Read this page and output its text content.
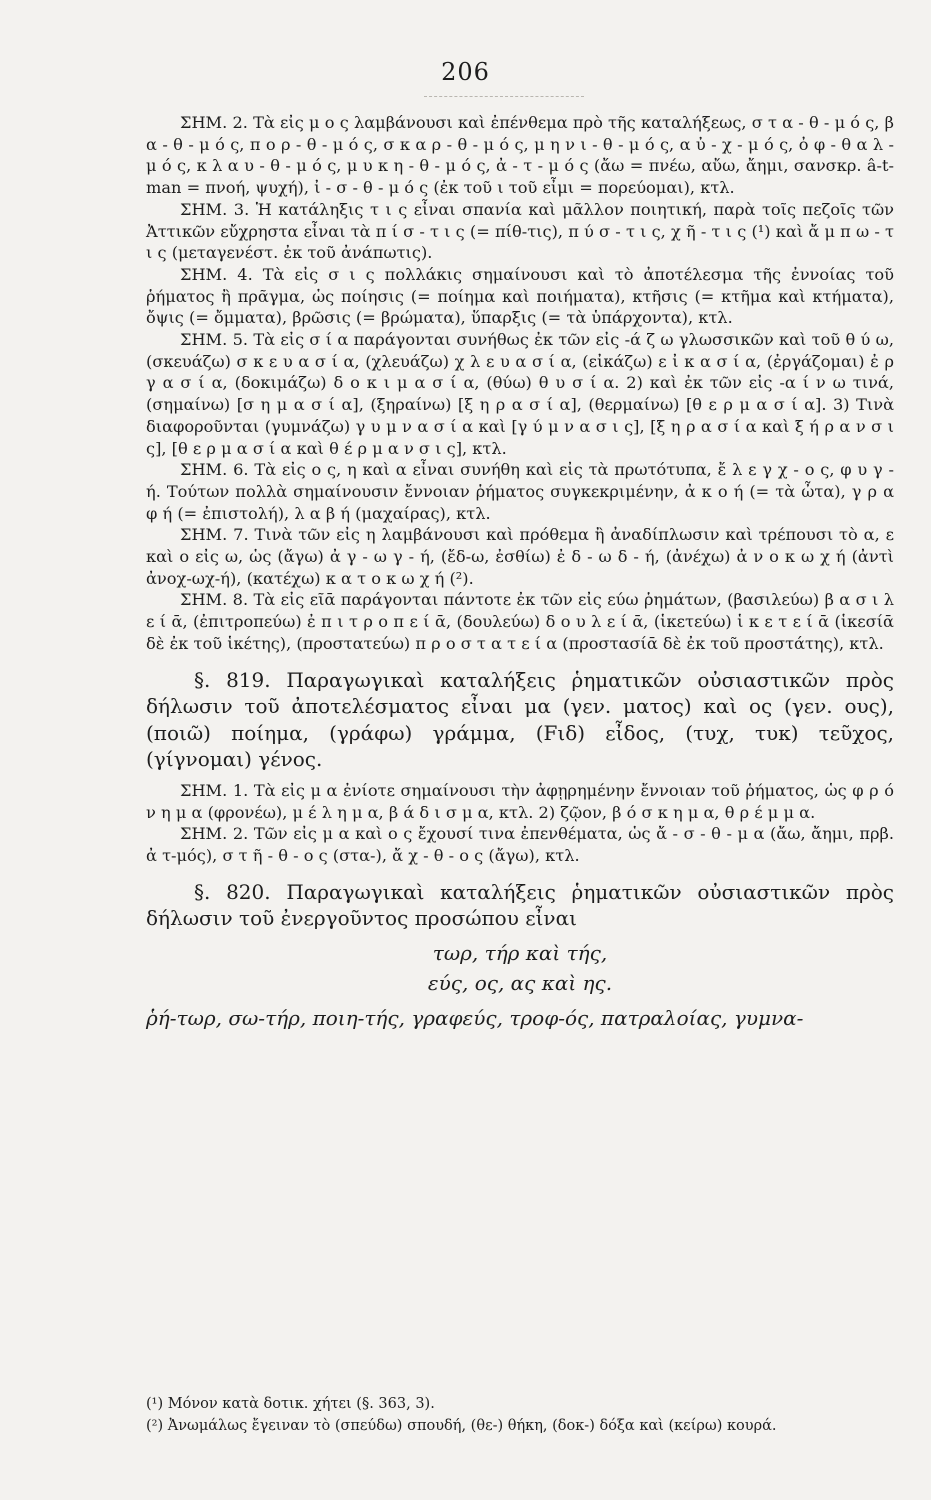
206

ΣΗΜ. 2. Τὰ εἰς μ ο ς λαμβάνουσι καὶ ἐπένθεμα πρὸ τῆς καταλήξεως, σ τ α - θ - μ ό ς, β α - θ - μ ό ς, π ο ρ - θ - μ ό ς, σ κ α ρ - θ - μ ό ς, μ η ν ι - θ - μ ό ς, α ὐ - χ - μ ό ς, ὀ φ - θ α λ - μ ό ς, κ λ α υ - θ - μ ό ς, μ υ κ η - θ - μ ό ς, ἀ - τ - μ ό ς (ἄω = πνέω, αὔω, ἄημι, σανσκρ. â-t-man = πνοή, ψυχή), ἰ - σ - θ - μ ό ς (ἐκ τοῦ ι τοῦ εἶμι = πορεύομαι), κτλ.

ΣΗΜ. 3. Ἡ κατάληξις τ ι ς εἶναι σπανία καὶ μᾶλλον ποιητική, παρὰ τοῖς πεζοῖς τῶν Ἀττικῶν εὔχρηστα εἶναι τὰ π ί σ - τ ι ς (= πίθ-τις), π ύ σ - τ ι ς, χ ῆ - τ ι ς (¹) καὶ ἄ μ π ω - τ ι ς (μεταγενέστ. ἐκ τοῦ ἀνάπωτις).

ΣΗΜ. 4. Τὰ εἰς σ ι ς πολλάκις σημαίνουσι καὶ τὸ ἀποτέλεσμα τῆς ἐννοίας τοῦ ῥήματος ἢ πρᾶγμα, ὡς ποίησις (= ποίημα καὶ ποιήματα), κτῆσις (= κτῆμα καὶ κτήματα), ὄψις (= ὄμματα), βρῶσις (= βρώματα), ὕπαρξις (= τὰ ὑπάρχοντα), κτλ.

ΣΗΜ. 5. Τὰ εἰς σ ί α παράγονται συνήθως ἐκ τῶν εἰς -ά ζ ω γλωσσικῶν καὶ τοῦ θ ύ ω, (σκευάζω) σ κ ε υ α σ ί α, (χλευάζω) χ λ ε υ α σ ί α, (εἰκάζω) ε ἰ κ α σ ί α, (ἐργάζομαι) ἐ ρ γ α σ ί α, (δοκιμάζω) δ ο κ ι μ α σ ί α, (θύω) θ υ σ ί α. 2) καὶ ἐκ τῶν εἰς -α ί ν ω τινά, (σημαίνω) [σ η μ α σ ί α], (ξηραίνω) [ξ η ρ α σ ί α], (θερμαίνω) [θ ε ρ μ α σ ί α]. 3) Τινὰ διαφοροῦνται (γυμνάζω) γ υ μ ν α σ ί α καὶ [γ ύ μ ν α σ ι ς], [ξ η ρ α σ ί α καὶ ξ ή ρ α ν σ ι ς], [θ ε ρ μ α σ ί α καὶ θ έ ρ μ α ν σ ι ς], κτλ.

ΣΗΜ. 6. Τὰ εἰς ο ς, η καὶ α εἶναι συνήθη καὶ εἰς τὰ πρωτότυπα, ἔ λ ε γ χ - ο ς, φ υ γ - ή. Τούτων πολλὰ σημαίνουσιν ἔννοιαν ῥήματος συγκεκριμένην, ἀ κ ο ή (= τὰ ὦτα), γ ρ α φ ή (= ἐπιστολή), λ α β ή (μαχαίρας), κτλ.

ΣΗΜ. 7. Τινὰ τῶν εἰς η λαμβάνουσι καὶ πρόθεμα ἢ ἀναδίπλωσιν καὶ τρέπουσι τὸ α, ε καὶ ο εἰς ω, ὡς (ἄγω) ἀ γ - ω γ - ή, (ἔδ-ω, ἐσθίω) ἐ δ - ω δ - ή, (ἀνέχω) ἀ ν ο κ ω χ ή (ἀντὶ ἀνοχ-ωχ-ή), (κατέχω) κ α τ ο κ ω χ ή (²).

ΣΗΜ. 8. Τὰ εἰς εῖᾱ παράγονται πάντοτε ἐκ τῶν εἰς εύω ῥημάτων, (βασιλεύω) β α σ ι λ ε ί ᾱ, (ἐπιτροπεύω) ἐ π ι τ ρ ο π ε ί ᾱ, (δουλεύω) δ ο υ λ ε ί ᾱ, (ἱκετεύω) ἱ κ ε τ ε ί ᾱ (ἱκεσίᾱ δὲ ἐκ τοῦ ἱκέτης), (προστατεύω) π ρ ο σ τ α τ ε ί α (προστασίᾱ δὲ ἐκ τοῦ προστάτης), κτλ.

§. 819. Παραγωγικαὶ καταλήξεις ῥηματικῶν οὐσιαστικῶν πρὸς δήλωσιν τοῦ ἀποτελέσματος εἶναι μα (γεν. ματος) καὶ ος (γεν. ους), (ποιῶ) ποίημα, (γράφω) γράμμα, (Fιδ) εἶδος, (τυχ, τυκ) τεῦχος, (γίγνομαι) γένος.

ΣΗΜ. 1. Τὰ εἰς μ α ἐνίοτε σημαίνουσι τὴν ἀφῃρημένην ἔννοιαν τοῦ ῥήματος, ὡς φ ρ ό ν η μ α (φρονέω), μ έ λ η μ α, β ά δ ι σ μ α, κτλ. 2) ζῷον, β ό σ κ η μ α, θ ρ έ μ μ α.

ΣΗΜ. 2. Τῶν εἰς μ α καὶ ο ς ἔχουσί τινα ἐπενθέματα, ὡς ἄ - σ - θ - μ α (ἄω, ἄημι, πρβ. ἀ τ-μός), σ τ ῆ - θ - ο ς (στα-), ἄ χ - θ - ο ς (ἄγω), κτλ.

§. 820. Παραγωγικαὶ καταλήξεις ῥηματικῶν οὐσιαστικῶν πρὸς δήλωσιν τοῦ ἐνεργοῦντος προσώπου εἶναι

τωρ, τήρ καὶ τής,

εύς, ος, ας καὶ ης.

ῥή-τωρ, σω-τήρ, ποιη-τής, γραφεύς, τροφ-ός, πατραλοίας, γυμνα-

(¹) Μόνον κατὰ δοτικ. χήτει (§. 363, 3).

(²) Ἀνωμάλως ἔγειναν τὸ (σπεύδω) σπουδή, (θε-) θήκη, (δοκ-) δόξα καὶ (κείρω) κουρά.
